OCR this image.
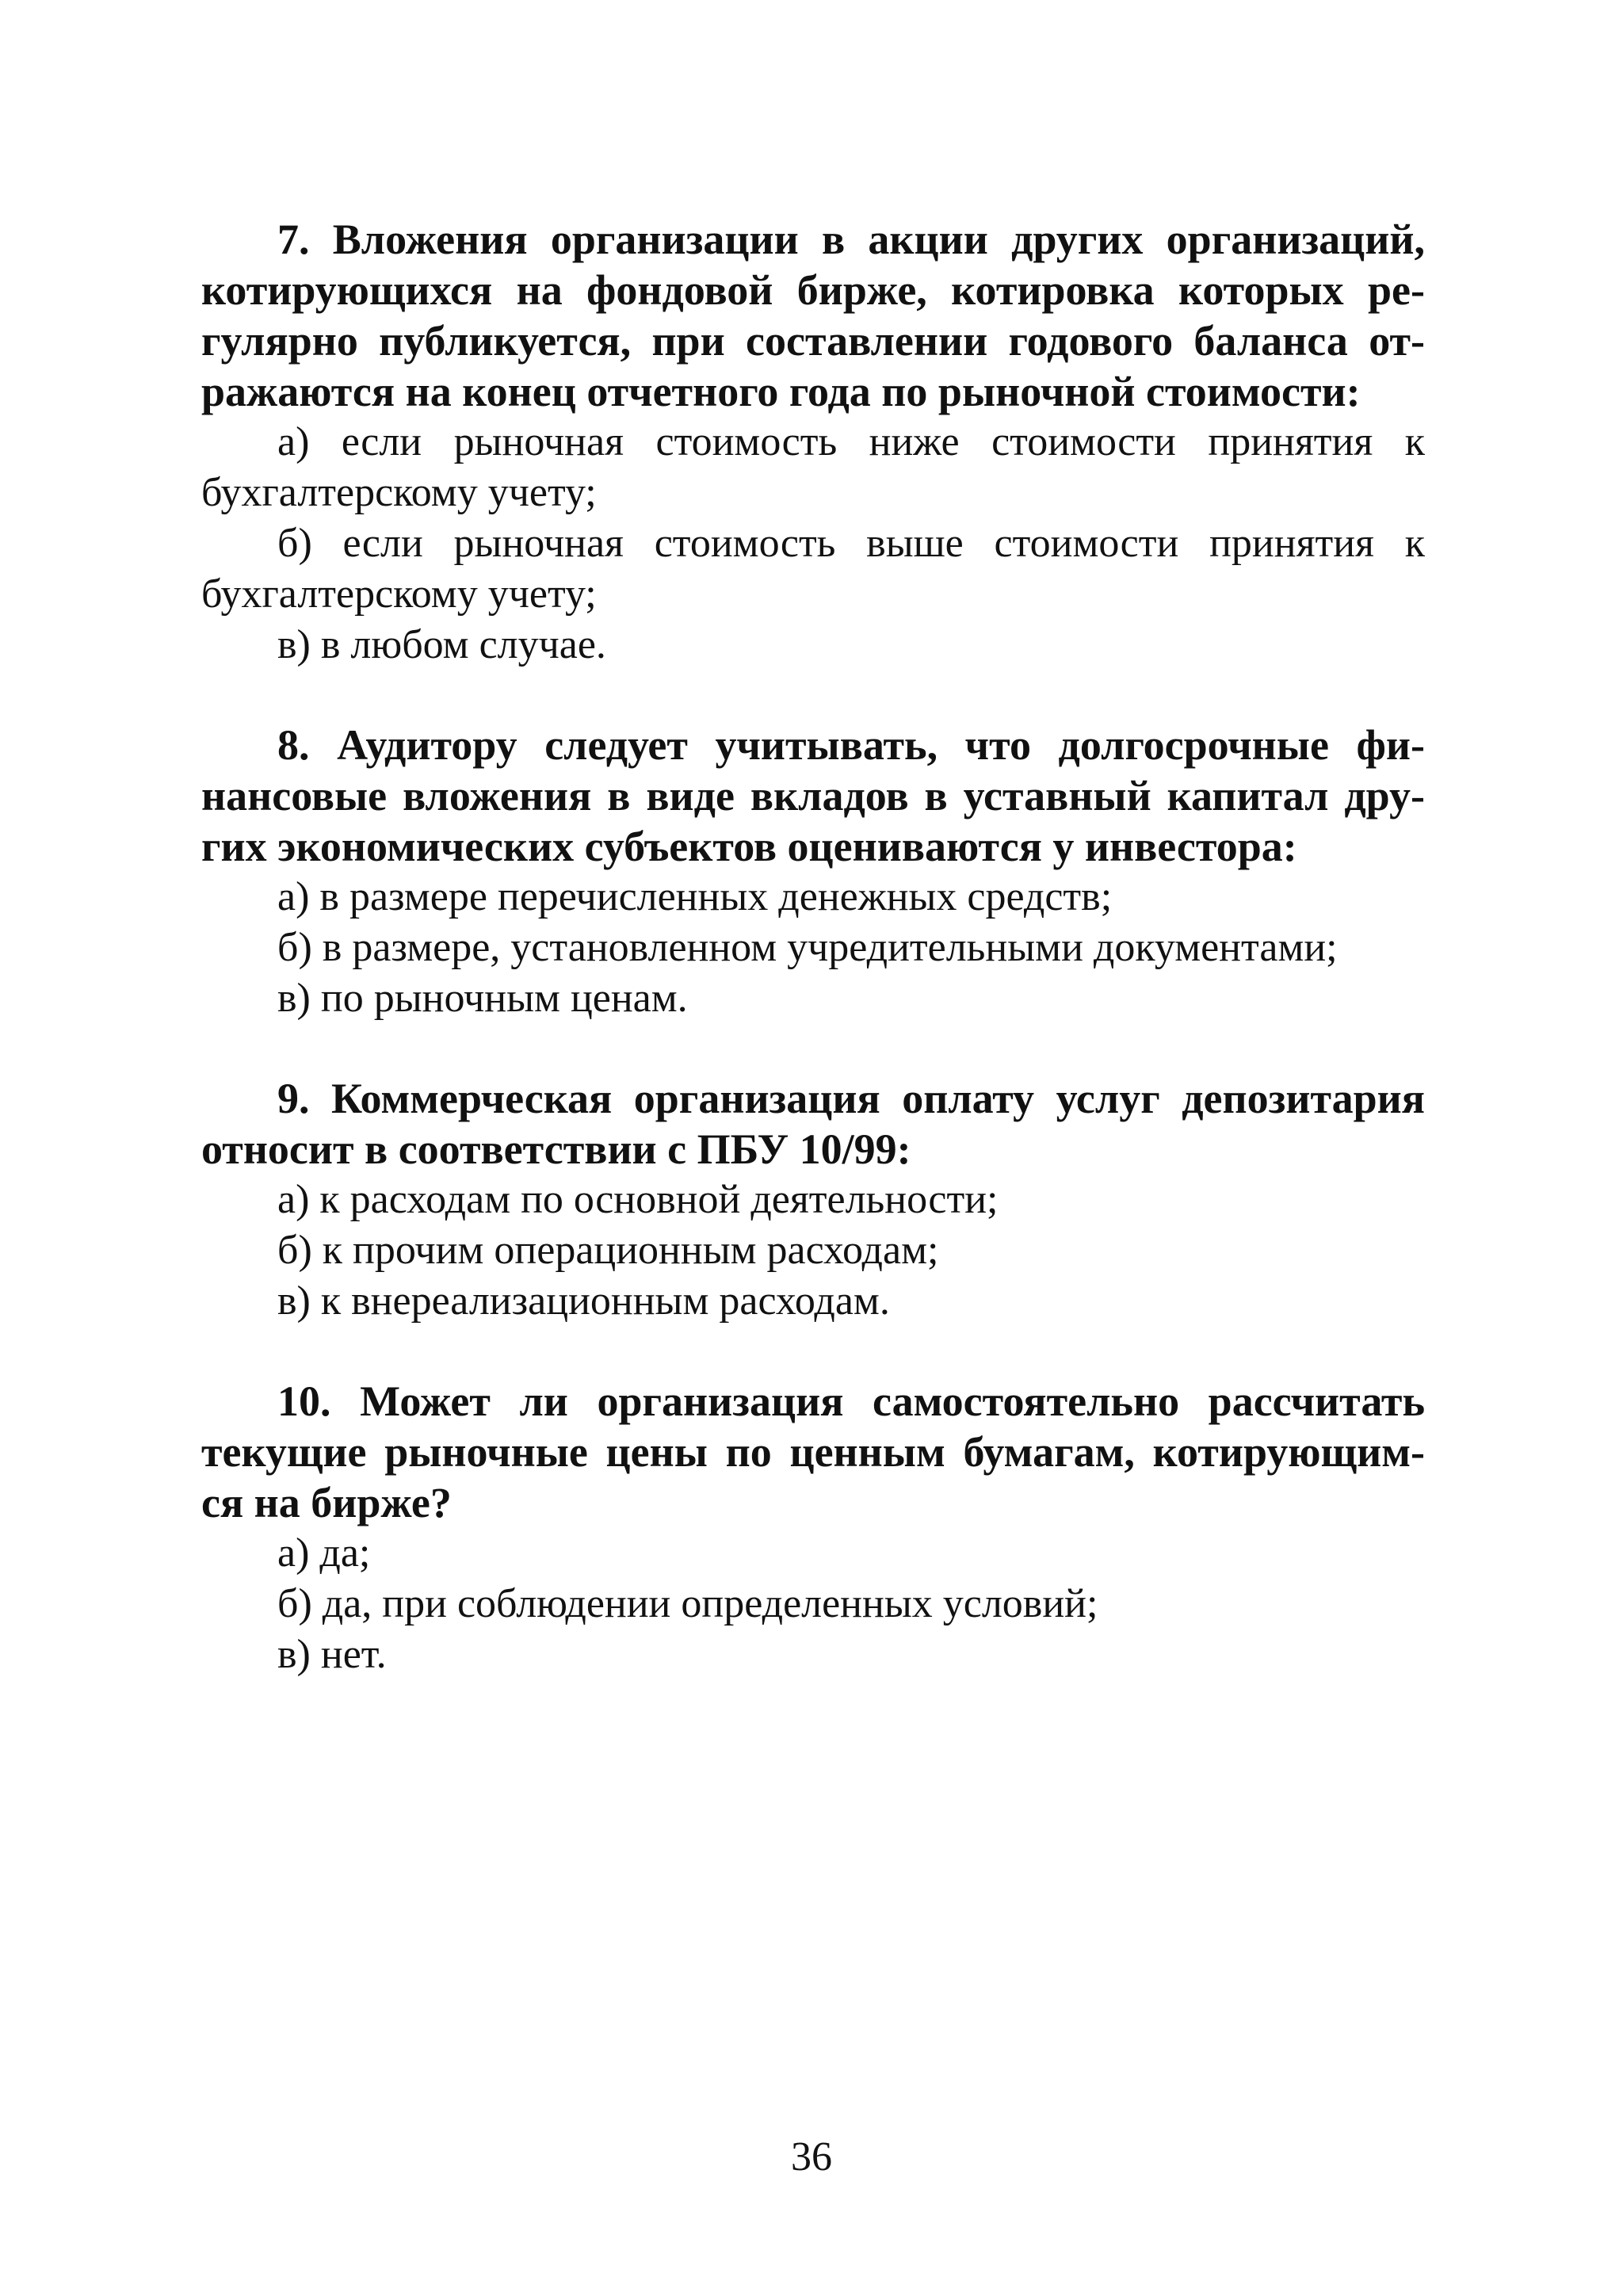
7. Вложения организации в акции других организаций,
котирующихся на фондовой бирже, котировка которых ре-
гулярно публикуется, при составлении годового баланса от-
ражаются на конец отчетного года по рыночной стоимости:
а) если рыночная стоимость ниже стоимости принятия к
бухгалтерскому учету;
б) если рыночная стоимость выше стоимости принятия к
бухгалтерскому учету;
в) в любом случае.
8. Аудитору следует учитывать, что долгосрочные фи-
нансовые вложения в виде вкладов в уставный капитал дру-
гих экономических субъектов оцениваются у инвестора:
а) в размере перечисленных денежных средств;
б) в размере, установленном учредительными документами;
в) по рыночным ценам.
9. Коммерческая организация оплату услуг депозитария
относит в соответствии с ПБУ 10/99:
а) к расходам по основной деятельности;
б) к прочим операционным расходам;
в) к внереализационным расходам.
10. Может ли организация самостоятельно рассчитать
текущие рыночные цены по ценным бумагам, котирующим-
ся на бирже?
а) да;
б) да, при соблюдении определенных условий;
в) нет.
36
